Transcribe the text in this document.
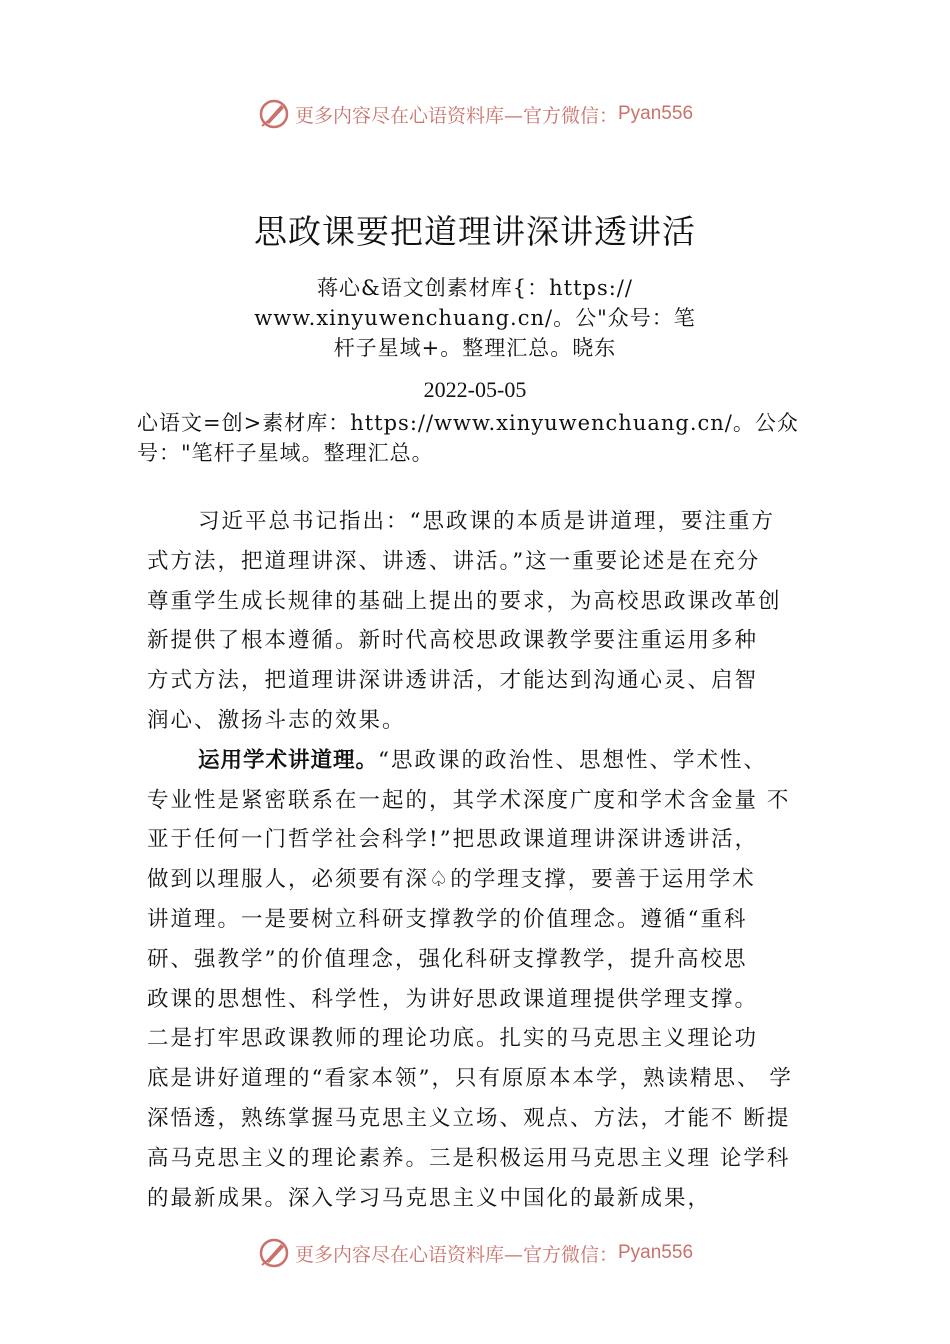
更多内容尽在心语资料库—官方微信： Pyan556
思政课要把道理讲深讲透讲活
蒋心&语文创素材库{：https://
www.xinyuwenchuang.cn/。公"众号：笔
杆子星域+。整理汇总。晓东
2022-05-05
心语文=创>素材库：https://www.xinyuwenchuang.cn/。公众
号："笔杆子星域。整理汇总。
习近平总书记指出：“思政课的本质是讲道理，要注重方
式方法，把道理讲深、讲透、讲活。”这一重要论述是在充分
尊重学生成长规律的基础上提出的要求，为高校思政课改革创
新提供了根本遵循。新时代高校思政课教学要注重运用多种
方式方法，把道理讲深讲透讲活，才能达到沟通心灵、启智
润心、激扬斗志的效果。
运用学术讲道理。“思政课的政治性、思想性、学术性、
专业性是紧密联系在一起的，其学术深度广度和学术含金量 不
亚于任何一门哲学社会科学!”把思政课道理讲深讲透讲活，
做到以理服人，必须要有深♤的学理支撑，要善于运用学术
讲道理。一是要树立科研支撑教学的价值理念。遵循“重科
研、强教学”的价值理念，强化科研支撑教学，提升高校思
政课的思想性、科学性，为讲好思政课道理提供学理支撑。
二是打牢思政课教师的理论功底。扎实的马克思主义理论功
底是讲好道理的“看家本领”，只有原原本本学，熟读精思、 学
深悟透，熟练掌握马克思主义立场、观点、方法，才能不 断提
高马克思主义的理论素养。三是积极运用马克思主义理 论学科
的最新成果。深入学习马克思主义中国化的最新成果，
更多内容尽在心语资料库—官方微信： Pyan556
